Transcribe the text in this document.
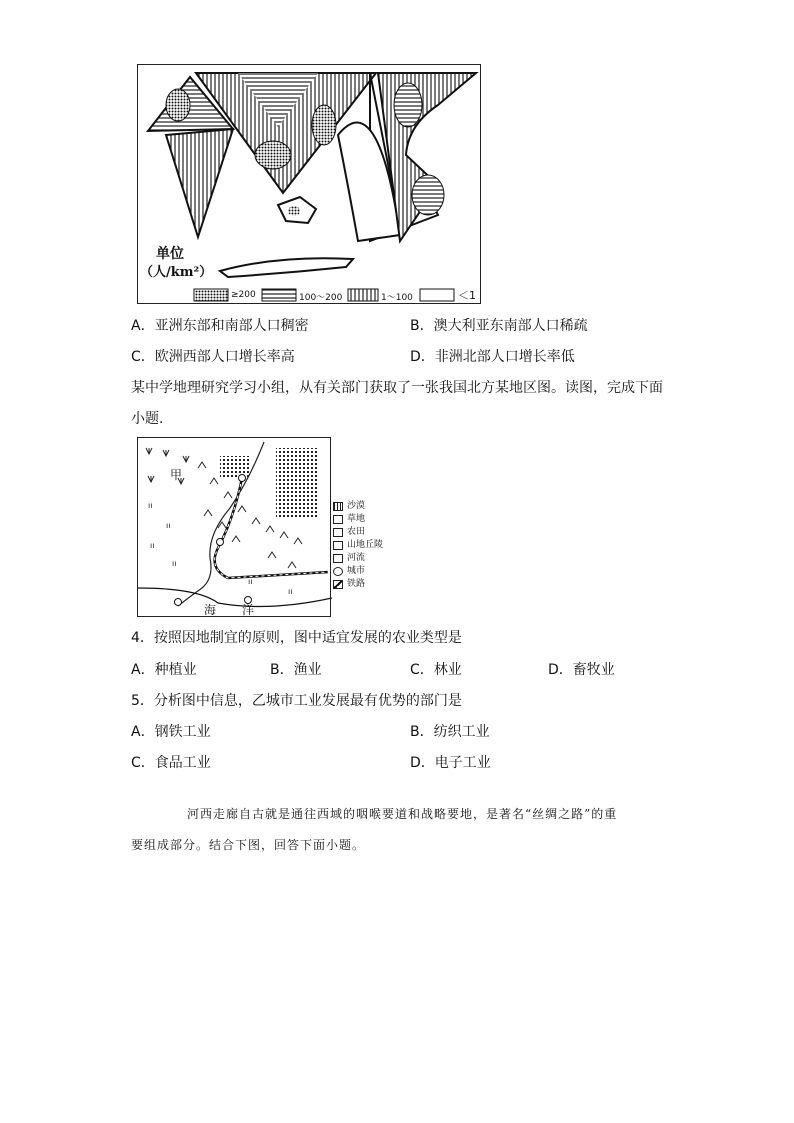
单位
（人/km²）
≥200	100～200	1～100	＜1
A．亚洲东部和南部人口稠密	B．澳大利亚东南部人口稀疏
C．欧洲西部人口增长率高	D．非洲北部人口增长率低
某中学地理研究学习小组，从有关部门获取了一张我国北方某地区图。读图，完成下面
小题.
ıı
ıı
ıı
ıı
ıı
ıı
甲
海 洋
沙漠
草地
农田
山地丘陵
河流
城市
铁路
4．按照因地制宜的原则，图中适宜发展的农业类型是
A．种植业	B．渔业	C．林业	D．畜牧业
5．分析图中信息，乙城市工业发展最有优势的部门是
A．钢铁工业	B．纺织工业
C．食品工业	D．电子工业
河西走廊自古就是通往西域的咽喉要道和战略要地，是著名“丝绸之路”的重
要组成部分。结合下图，回答下面小题。
